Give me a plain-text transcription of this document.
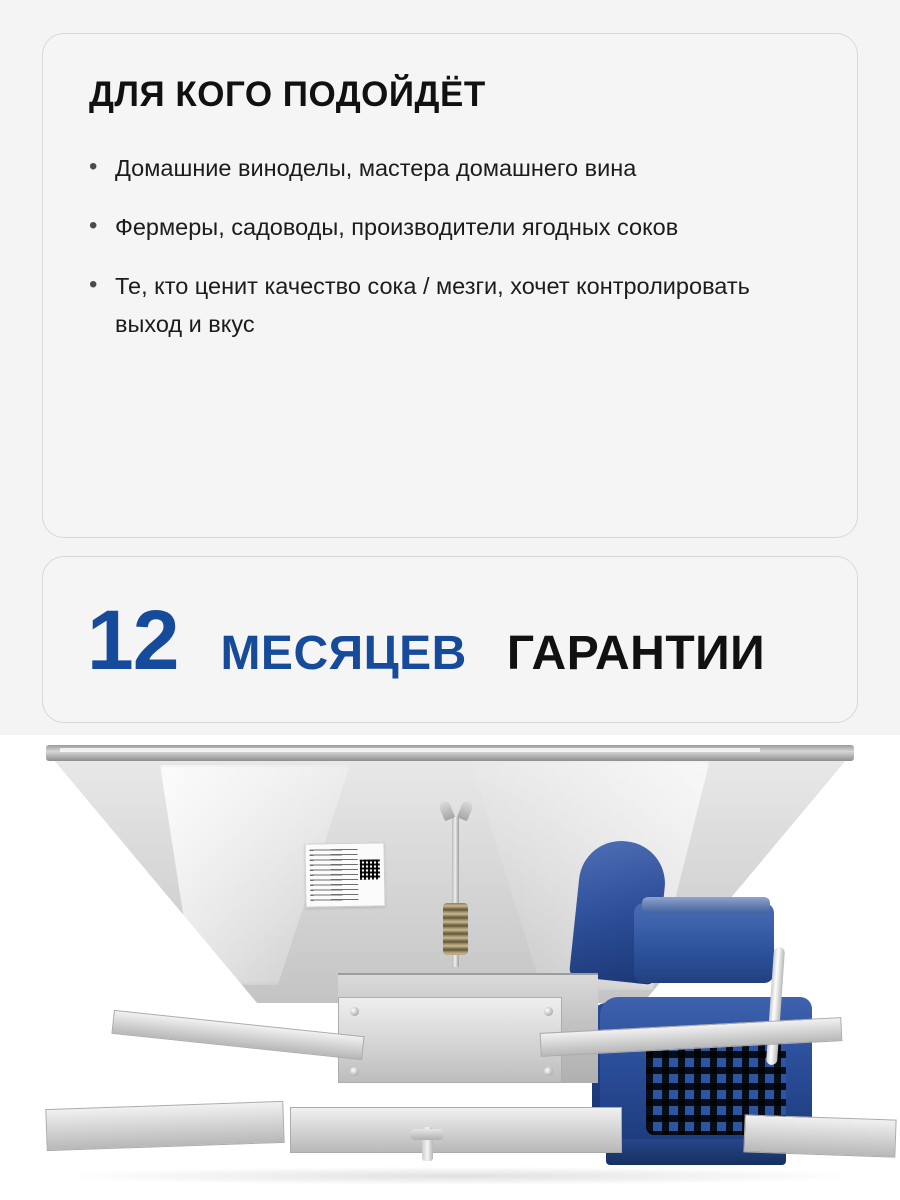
ДЛЯ КОГО ПОДОЙДЁТ
• Домашние виноделы, мастера домашнего вина
• Фермеры, садоводы, производители ягодных соков
• Те, кто ценит качество сока / мезги, хочет контролировать выход и вкус
12 МЕСЯЦЕВ ГАРАНТИИ
